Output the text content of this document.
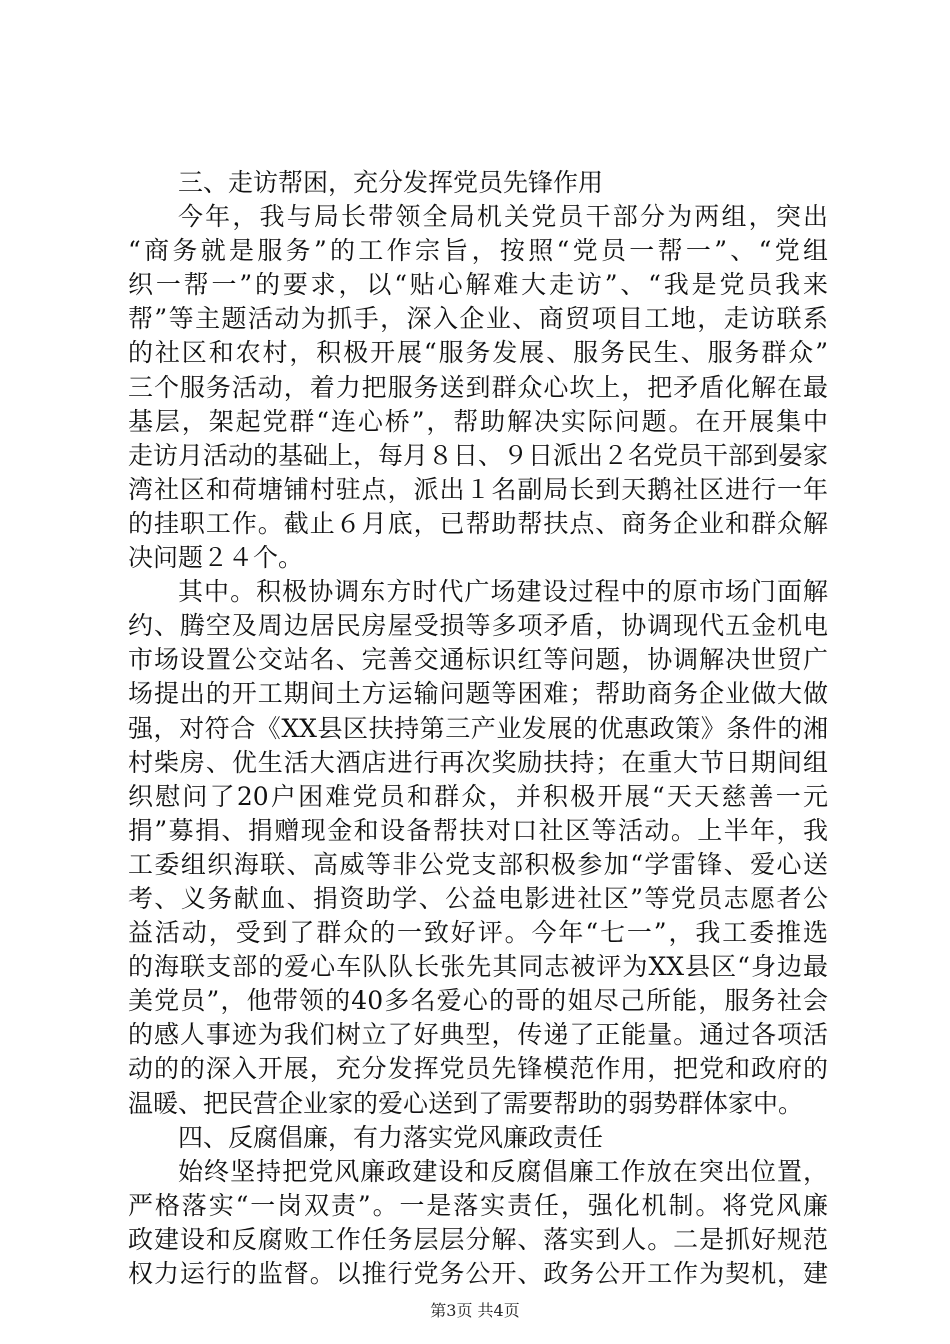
三、走访帮困，充分发挥党员先锋作用
今年，我与局长带领全局机关党员干部分为两组，突出
“商务就是服务”的工作宗旨，按照“党员一帮一”、“党组
织一帮一”的要求，以“贴心解难大走访”、“我是党员我来
帮”等主题活动为抓手，深入企业、商贸项目工地，走访联系
的社区和农村，积极开展“服务发展、服务民生、服务群众”
三个服务活动，着力把服务送到群众心坎上，把矛盾化解在最
基层，架起党群“连心桥”，帮助解决实际问题。在开展集中
走访月活动的基础上，每月８日、９日派出２名党员干部到晏家
湾社区和荷塘铺村驻点，派出１名副局长到天鹅社区进行一年
的挂职工作。截止６月底，已帮助帮扶点、商务企业和群众解
决问题２４个。
其中。积极协调东方时代广场建设过程中的原市场门面解
约、腾空及周边居民房屋受损等多项矛盾，协调现代五金机电
市场设置公交站名、完善交通标识红等问题，协调解决世贸广
场提出的开工期间土方运输问题等困难；帮助商务企业做大做
强，对符合《XX县区扶持第三产业发展的优惠政策》条件的湘
村柴房、优生活大酒店进行再次奖励扶持；在重大节日期间组
织慰问了20户困难党员和群众，并积极开展“天天慈善一元
捐”募捐、捐赠现金和设备帮扶对口社区等活动。上半年，我
工委组织海联、高威等非公党支部积极参加“学雷锋、爱心送
考、义务献血、捐资助学、公益电影进社区”等党员志愿者公
益活动，受到了群众的一致好评。今年“七一”，我工委推选
的海联支部的爱心车队队长张先其同志被评为XX县区“身边最
美党员”，他带领的40多名爱心的哥的姐尽己所能，服务社会
的感人事迹为我们树立了好典型，传递了正能量。通过各项活
动的的深入开展，充分发挥党员先锋模范作用，把党和政府的
温暖、把民营企业家的爱心送到了需要帮助的弱势群体家中。
四、反腐倡廉，有力落实党风廉政责任
始终坚持把党风廉政建设和反腐倡廉工作放在突出位置，
严格落实“一岗双责”。一是落实责任，强化机制。将党风廉
政建设和反腐败工作任务层层分解、落实到人。二是抓好规范
权力运行的监督。以推行党务公开、政务公开工作为契机，建
第3页 共4页
